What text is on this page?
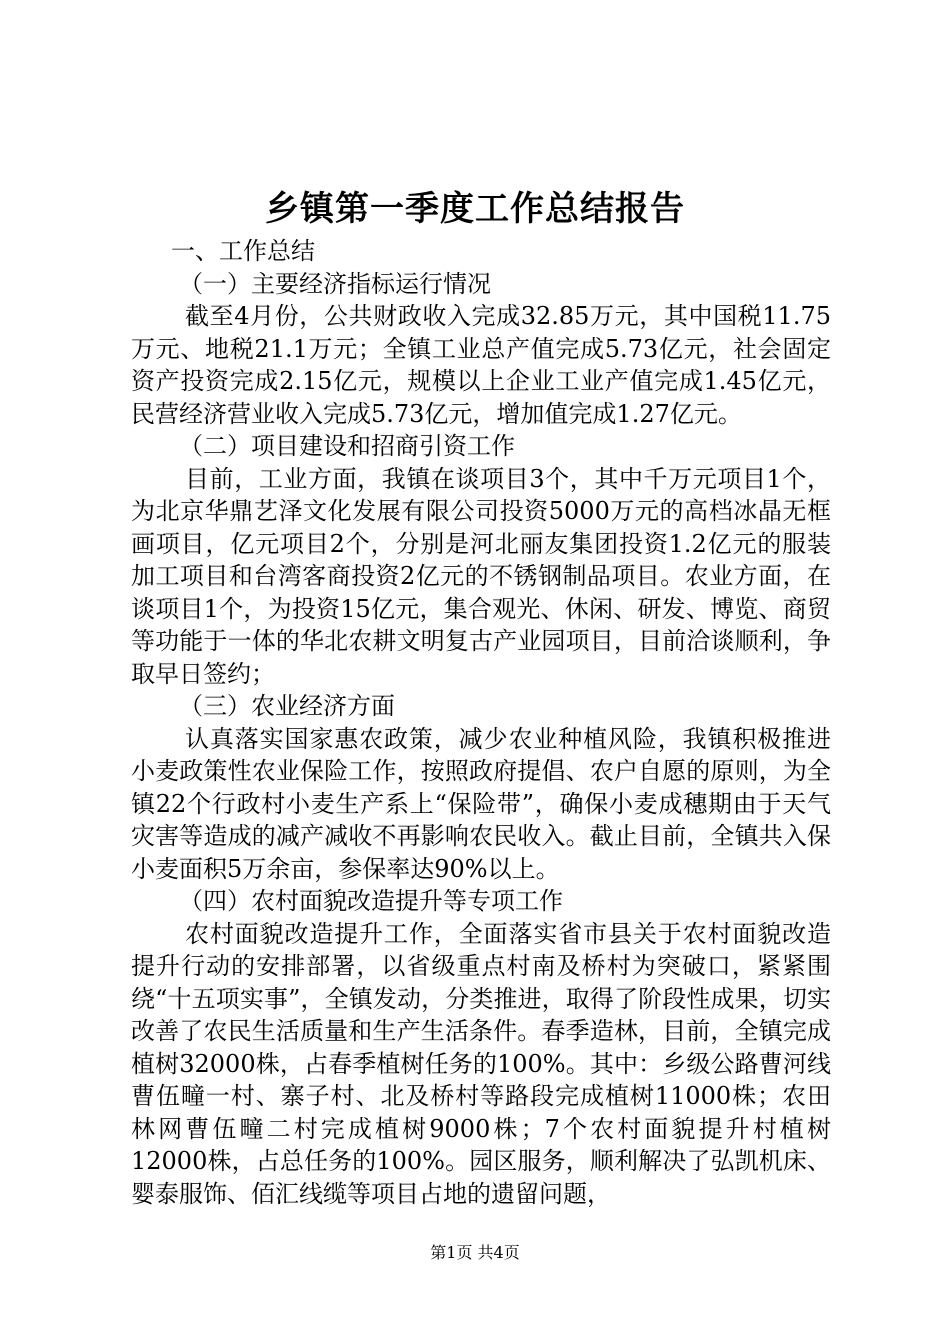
乡镇第一季度工作总结报告

一、工作总结

（一）主要经济指标运行情况

截至4月份，公共财政收入完成32.85万元，其中国税11.75万元、地税21.1万元；全镇工业总产值完成5.73亿元，社会固定资产投资完成2.15亿元，规模以上企业工业产值完成1.45亿元，民营经济营业收入完成5.73亿元，增加值完成1.27亿元。

（二）项目建设和招商引资工作

目前，工业方面，我镇在谈项目3个，其中千万元项目1个，为北京华鼎艺泽文化发展有限公司投资5000万元的高档冰晶无框画项目，亿元项目2个，分别是河北丽友集团投资1.2亿元的服装加工项目和台湾客商投资2亿元的不锈钢制品项目。农业方面，在谈项目1个，为投资15亿元，集合观光、休闲、研发、博览、商贸等功能于一体的华北农耕文明复古产业园项目，目前洽谈顺利，争取早日签约；

（三）农业经济方面

认真落实国家惠农政策，减少农业种植风险，我镇积极推进小麦政策性农业保险工作，按照政府提倡、农户自愿的原则，为全镇22个行政村小麦生产系上“保险带”，确保小麦成穗期由于天气灾害等造成的减产减收不再影响农民收入。截止目前，全镇共入保小麦面积5万余亩，参保率达90%以上。

（四）农村面貌改造提升等专项工作

农村面貌改造提升工作，全面落实省市县关于农村面貌改造提升行动的安排部署，以省级重点村南及桥村为突破口，紧紧围绕“十五项实事”，全镇发动，分类推进，取得了阶段性成果，切实改善了农民生活质量和生产生活条件。春季造林，目前，全镇完成植树32000株，占春季植树任务的100%。其中：乡级公路曹河线曹伍疃一村、寨子村、北及桥村等路段完成植树11000株；农田林网曹伍疃二村完成植树9000株；7个农村面貌提升村植树12000株，占总任务的100%。园区服务，顺利解决了弘凯机床、婴泰服饰、佰汇线缆等项目占地的遗留问题，

第1页 共4页
